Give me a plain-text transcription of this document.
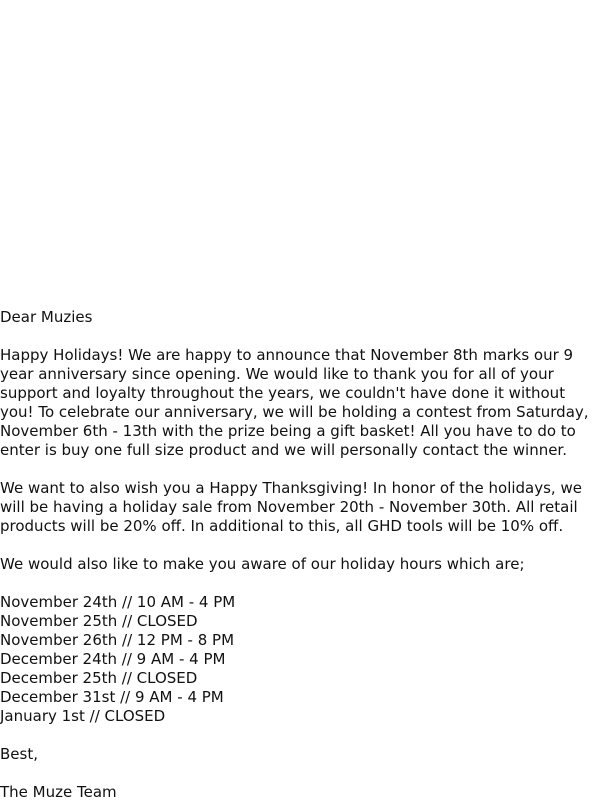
Dear Muzies

Happy Holidays! We are happy to announce that November 8th marks our 9 year anniversary since opening. We would like to thank you for all of your support and loyalty throughout the years, we couldn't have done it without you! To celebrate our anniversary, we will be holding a contest from Saturday, November 6th - 13th with the prize being a gift basket! All you have to do to enter is buy one full size product and we will personally contact the winner.

We want to also wish you a Happy Thanksgiving! In honor of the holidays, we will be having a holiday sale from November 20th - November 30th. All retail products will be 20% off. In additional to this, all GHD tools will be 10% off.

We would also like to make you aware of our holiday hours which are;

November 24th // 10 AM - 4 PM
November 25th // CLOSED
November 26th // 12 PM - 8 PM
December 24th // 9 AM - 4 PM
December 25th // CLOSED
December 31st // 9 AM - 4 PM
January 1st // CLOSED

Best,

The Muze Team
